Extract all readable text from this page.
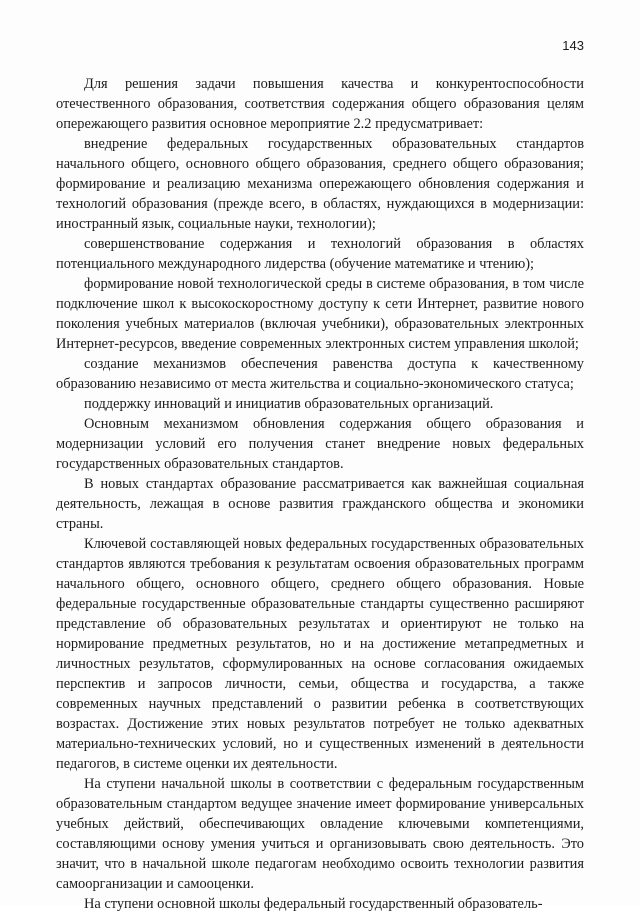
143

Для решения задачи повышения качества и конкурентоспособности отечественного образования, соответствия содержания общего образования целям опережающего развития основное мероприятие 2.2 предусматривает:

внедрение федеральных государственных образовательных стандартов начального общего, основного общего образования, среднего общего образования; формирование и реализацию механизма опережающего обновления содержания и технологий образования (прежде всего, в областях, нуждающихся в модернизации: иностранный язык, социальные науки, технологии);

совершенствование содержания и технологий образования в областях потенциального международного лидерства (обучение математике и чтению);

формирование новой технологической среды в системе образования, в том числе подключение школ к высокоскоростному доступу к сети Интернет, развитие нового поколения учебных материалов (включая учебники), образовательных электронных Интернет-ресурсов, введение современных электронных систем управления школой;

создание механизмов обеспечения равенства доступа к качественному образованию независимо от места жительства и социально-экономического статуса;

поддержку инноваций и инициатив образовательных организаций.

Основным механизмом обновления содержания общего образования и модернизации условий его получения станет внедрение новых федеральных государственных образовательных стандартов.

В новых стандартах образование рассматривается как важнейшая социальная деятельность, лежащая в основе развития гражданского общества и экономики страны.

Ключевой составляющей новых федеральных государственных образовательных стандартов являются требования к результатам освоения образовательных программ начального общего, основного общего, среднего общего образования. Новые федеральные государственные образовательные стандарты существенно расширяют представление об образовательных результатах и ориентируют не только на нормирование предметных результатов, но и на достижение метапредметных и личностных результатов, сформулированных на основе согласования ожидаемых перспектив и запросов личности, семьи, общества и государства, а также современных научных представлений о развитии ребенка в соответствующих возрастах. Достижение этих новых результатов потребует не только адекватных материально-технических условий, но и существенных изменений в деятельности педагогов, в системе оценки их деятельности.

На ступени начальной школы в соответствии с федеральным государственным образовательным стандартом ведущее значение имеет формирование универсальных учебных действий, обеспечивающих овладение ключевыми компетенциями, составляющими основу умения учиться и организовывать свою деятельность. Это значит, что в начальной школе педагогам необходимо освоить технологии развития самоорганизации и самооценки.

На ступени основной школы федеральный государственный образователь-
